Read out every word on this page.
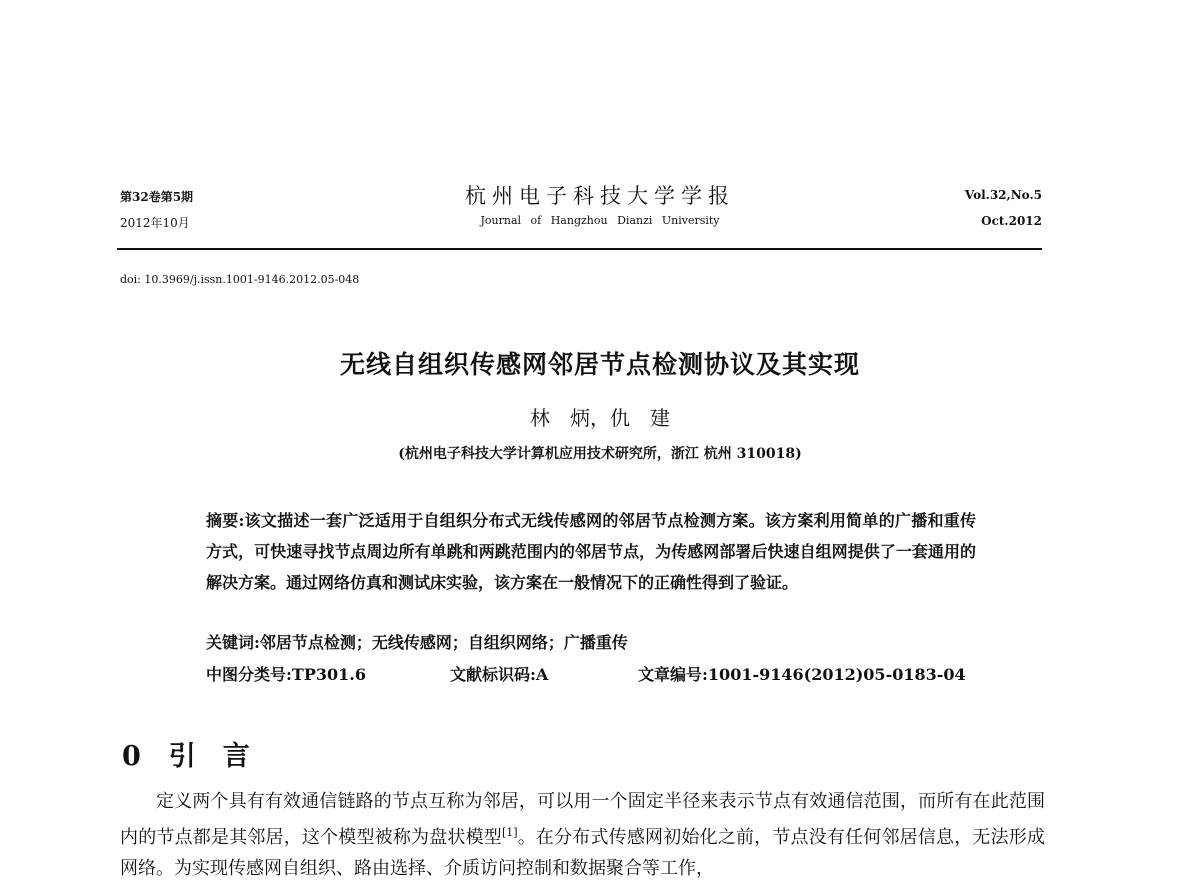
第32卷第5期
2012年10月
杭州电子科技大学学报
Journal of Hangzhou Dianzi University
Vol.32,No.5
Oct.2012
doi: 10.3969/j.issn.1001-9146.2012.05-048
无线自组织传感网邻居节点检测协议及其实现
林　炳，仇　建
(杭州电子科技大学计算机应用技术研究所，浙江 杭州 310018)
摘要:该文描述一套广泛适用于自组织分布式无线传感网的邻居节点检测方案。该方案利用简单的广播和重传方式，可快速寻找节点周边所有单跳和两跳范围内的邻居节点，为传感网部署后快速自组网提供了一套通用的解决方案。通过网络仿真和测试床实验，该方案在一般情况下的正确性得到了验证。
关键词:邻居节点检测；无线传感网；自组织网络；广播重传
中图分类号:TP301.6	文献标识码:A	文章编号:1001-9146(2012)05-0183-04
0 引　言
定义两个具有有效通信链路的节点互称为邻居，可以用一个固定半径来表示节点有效通信范围，而所有在此范围内的节点都是其邻居，这个模型被称为盘状模型[1]。在分布式传感网初始化之前，节点没有任何邻居信息，无法形成网络。为实现传感网自组织、路由选择、介质访问控制和数据聚合等工作，
